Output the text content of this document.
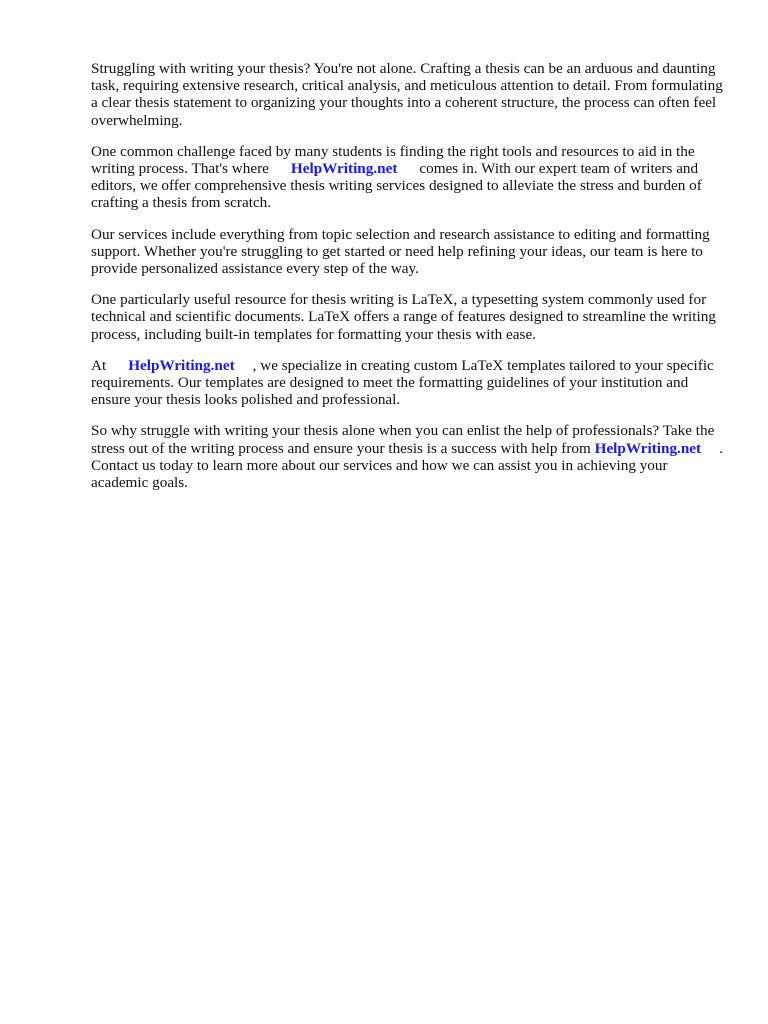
Struggling with writing your thesis? You're not alone. Crafting a thesis can be an arduous and daunting task, requiring extensive research, critical analysis, and meticulous attention to detail. From formulating a clear thesis statement to organizing your thoughts into a coherent structure, the process can often feel overwhelming.

One common challenge faced by many students is finding the right tools and resources to aid in the writing process. That's where HelpWriting.net comes in. With our expert team of writers and editors, we offer comprehensive thesis writing services designed to alleviate the stress and burden of crafting a thesis from scratch.

Our services include everything from topic selection and research assistance to editing and formatting support. Whether you're struggling to get started or need help refining your ideas, our team is here to provide personalized assistance every step of the way.

One particularly useful resource for thesis writing is LaTeX, a typesetting system commonly used for technical and scientific documents. LaTeX offers a range of features designed to streamline the writing process, including built-in templates for formatting your thesis with ease.

At HelpWriting.net , we specialize in creating custom LaTeX templates tailored to your specific requirements. Our templates are designed to meet the formatting guidelines of your institution and ensure your thesis looks polished and professional.

So why struggle with writing your thesis alone when you can enlist the help of professionals? Take the stress out of the writing process and ensure your thesis is a success with help from HelpWriting.net . Contact us today to learn more about our services and how we can assist you in achieving your academic goals.
